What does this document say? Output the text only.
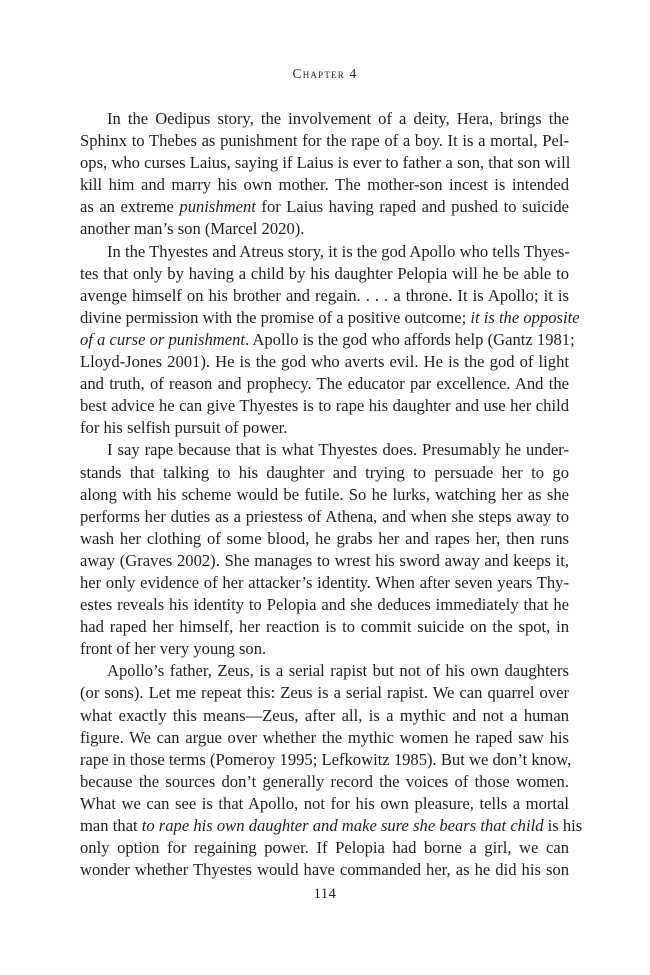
Chapter 4
In the Oedipus story, the involvement of a deity, Hera, brings the
Sphinx to Thebes as punishment for the rape of a boy. It is a mortal, Pel-
ops, who curses Laius, saying if Laius is ever to father a son, that son will
kill him and marry his own mother. The mother-son incest is intended
as an extreme punishment for Laius having raped and pushed to suicide
another man’s son (Marcel 2020).
In the Thyestes and Atreus story, it is the god Apollo who tells Thyes-
tes that only by having a child by his daughter Pelopia will he be able to
avenge himself on his brother and regain. . . . a throne. It is Apollo; it is
divine permission with the promise of a positive outcome; it is the opposite
of a curse or punishment. Apollo is the god who affords help (Gantz 1981;
Lloyd-Jones 2001). He is the god who averts evil. He is the god of light
and truth, of reason and prophecy. The educator par excellence. And the
best advice he can give Thyestes is to rape his daughter and use her child
for his selfish pursuit of power.
I say rape because that is what Thyestes does. Presumably he under-
stands that talking to his daughter and trying to persuade her to go
along with his scheme would be futile. So he lurks, watching her as she
performs her duties as a priestess of Athena, and when she steps away to
wash her clothing of some blood, he grabs her and rapes her, then runs
away (Graves 2002). She manages to wrest his sword away and keeps it,
her only evidence of her attacker’s identity. When after seven years Thy-
estes reveals his identity to Pelopia and she deduces immediately that he
had raped her himself, her reaction is to commit suicide on the spot, in
front of her very young son.
Apollo’s father, Zeus, is a serial rapist but not of his own daughters
(or sons). Let me repeat this: Zeus is a serial rapist. We can quarrel over
what exactly this means—Zeus, after all, is a mythic and not a human
figure. We can argue over whether the mythic women he raped saw his
rape in those terms (Pomeroy 1995; Lefkowitz 1985). But we don’t know,
because the sources don’t generally record the voices of those women.
What we can see is that Apollo, not for his own pleasure, tells a mortal
man that to rape his own daughter and make sure she bears that child is his
only option for regaining power. If Pelopia had borne a girl, we can
wonder whether Thyestes would have commanded her, as he did his son
114
